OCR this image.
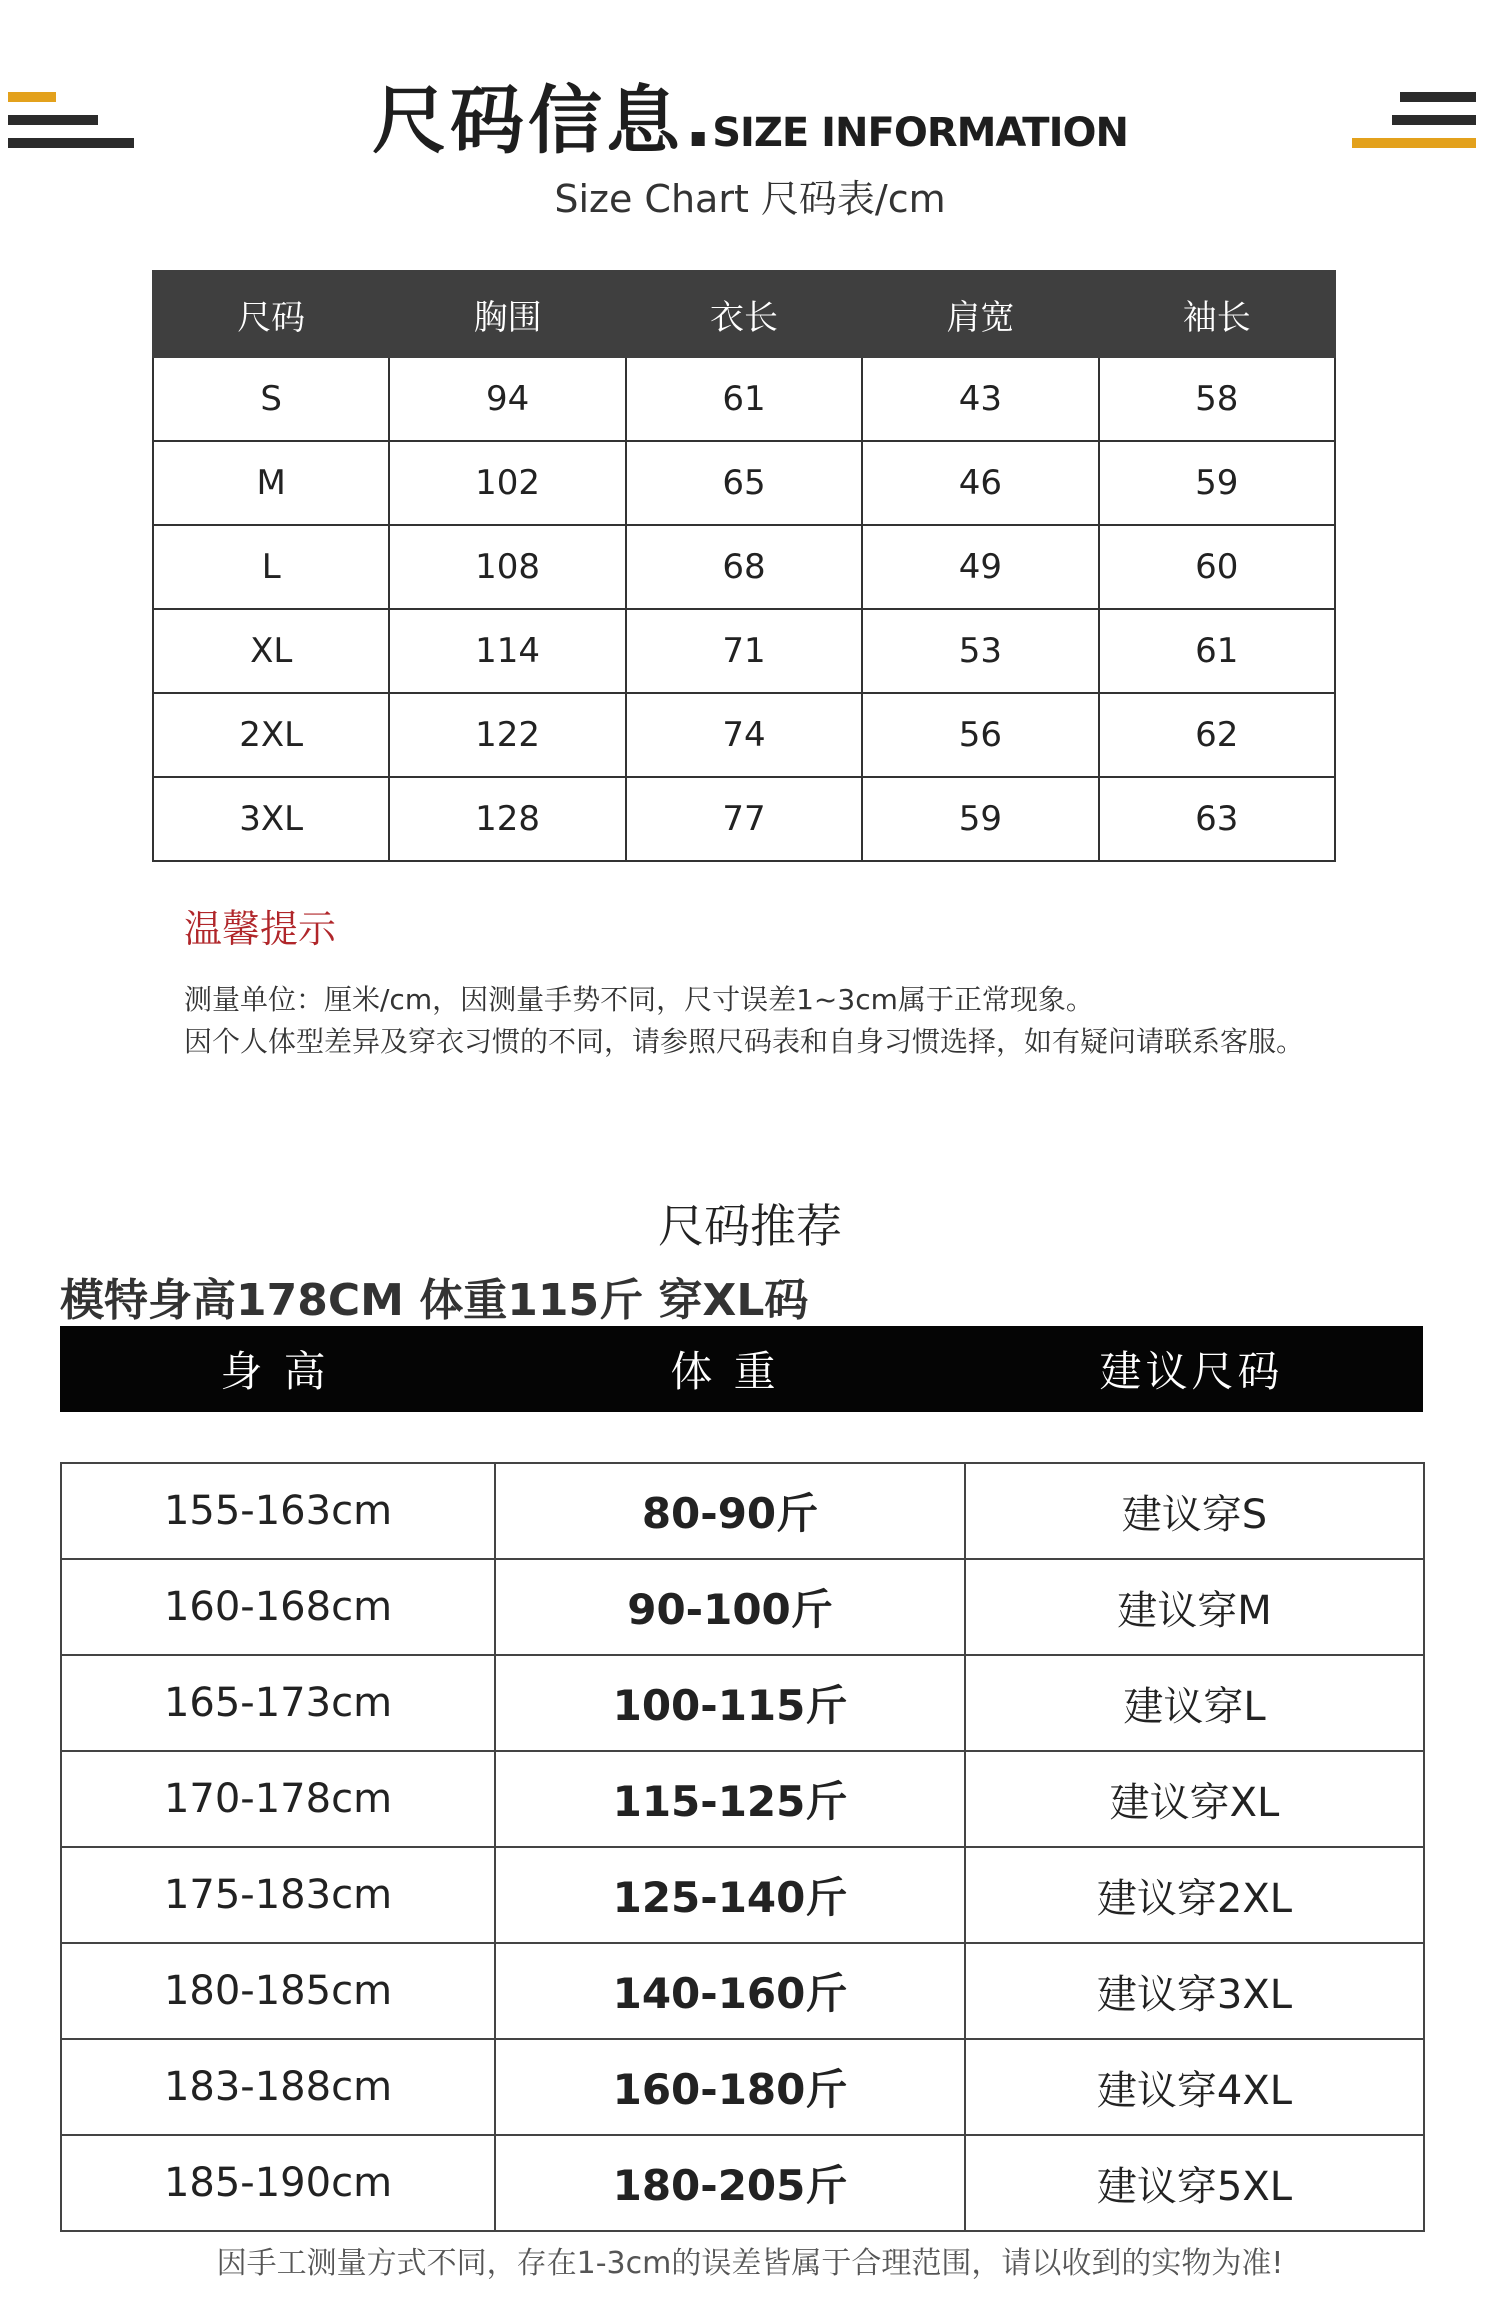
尺码信息.SIZE INFORMATION
Size Chart 尺码表/cm
尺码	胸围	衣长	肩宽	袖长
S	94	61	43	58
M	102	65	46	59
L	108	68	49	60
XL	114	71	53	61
2XL	122	74	56	62
3XL	128	77	59	63
温馨提示
测量单位：厘米/cm，因测量手势不同，尺寸误差1~3cm属于正常现象。
因个人体型差异及穿衣习惯的不同，请参照尺码表和自身习惯选择，如有疑问请联系客服。
尺码推荐
模特身高178CM 体重115斤 穿XL码
身 高	体 重	建议尺码
155-163cm	80-90斤	建议穿S
160-168cm	90-100斤	建议穿M
165-173cm	100-115斤	建议穿L
170-178cm	115-125斤	建议穿XL
175-183cm	125-140斤	建议穿2XL
180-185cm	140-160斤	建议穿3XL
183-188cm	160-180斤	建议穿4XL
185-190cm	180-205斤	建议穿5XL
因手工测量方式不同，存在1-3cm的误差皆属于合理范围，请以收到的实物为准!
